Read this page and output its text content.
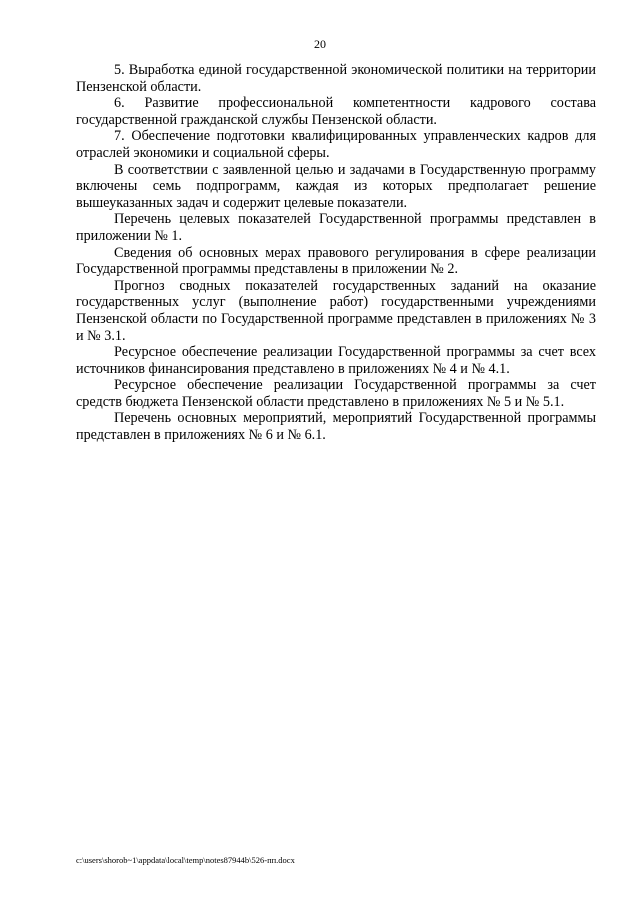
20

5. Выработка единой государственной экономической политики на территории Пензенской области.

6. Развитие профессиональной компетентности кадрового состава государственной гражданской службы Пензенской области.

7. Обеспечение подготовки квалифицированных управленческих кадров для отраслей экономики и социальной сферы.

В соответствии с заявленной целью и задачами в Государственную программу включены семь подпрограмм, каждая из которых предполагает решение вышеуказанных задач и содержит целевые показатели.

Перечень целевых показателей Государственной программы представлен в приложении № 1.

Сведения об основных мерах правового регулирования в сфере реализации Государственной программы представлены в приложении № 2.

Прогноз сводных показателей государственных заданий на оказание государственных услуг (выполнение работ) государственными учреждениями Пензенской области по Государственной программе представлен в приложениях № 3 и № 3.1.

Ресурсное обеспечение реализации Государственной программы за счет всех источников финансирования представлено в приложениях № 4 и № 4.1.

Ресурсное обеспечение реализации Государственной программы за счет средств бюджета Пензенской области представлено в приложениях № 5 и № 5.1.

Перечень основных мероприятий, мероприятий Государственной программы представлен в приложениях № 6 и № 6.1.

c:\users\shorob~1\appdata\local\temp\notes87944b\526-пп.docx
